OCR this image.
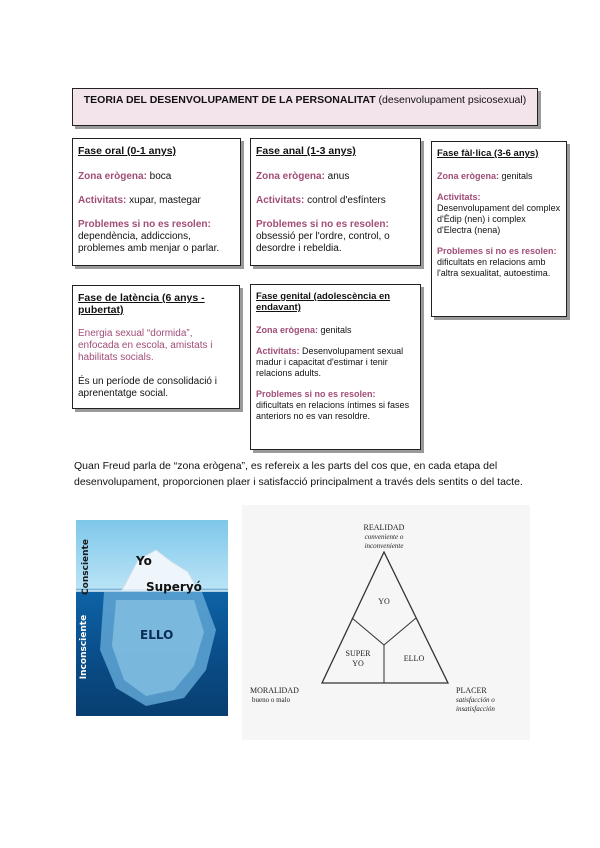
TEORIA DEL DESENVOLUPAMENT DE LA PERSONALITAT (desenvolupament psicosexual)
Fase oral (0-1 anys)

Zona erògena: boca

Activitats: xupar, mastegar

Problemes si no es resolen:
dependència, addiccions, problemes amb menjar o parlar.

Fase anal (1-3 anys)

Zona erògena: anus

Activitats: control d'esfínters

Problemes si no es resolen:
obsessió per l'ordre, control, o desordre i rebeldia.

Fase fàl·lica (3-6 anys)

Zona erògena: genitals

Activitats:
Desenvolupament del complex d'Èdip (nen) i complex d'Electra (nena)

Problemes si no es resolen:
dificultats en relacions amb l'altra sexualitat, autoestima.

Fase de latència (6 anys - pubertat)

Energia sexual “dormida”, enfocada en escola, amistats i habilitats socials.

És un període de consolidació i aprenentatge social.

Fase genital (adolescència en endavant)

Zona erògena: genitals

Activitats: Desenvolupament sexual madur i capacitat d'estimar i tenir relacions adults.

Problemes si no es resolen:
dificultats en relacions íntimes si fases anteriors no es van resoldre.

Quan Freud parla de “zona erògena”, es refereix a les parts del cos que, en cada etapa del desenvolupament, proporcionen plaer i satisfacció principalment a través dels sentits o del tacte.
Consciente
Inconsciente
Yo
Superyó
ELLO
REALIDAD
conveniente o
inconveniente
YO
SUPER
YO
ELLO
MORALIDAD
bueno o malo
PLACER
satisfacción o
insatisfacción
